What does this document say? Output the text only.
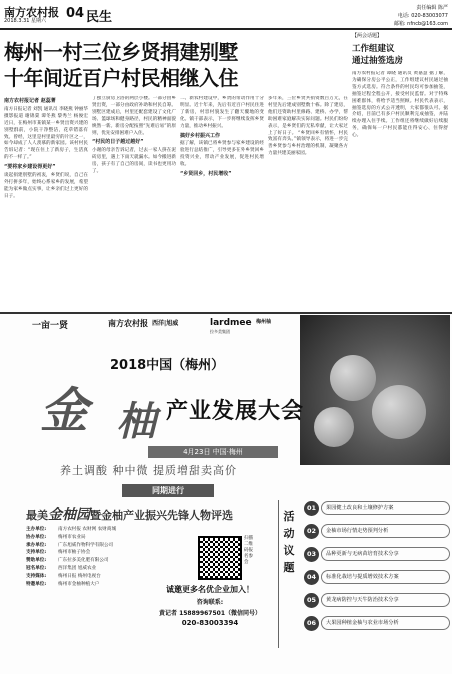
南方农村报
2018.3.31 星期六 04 民生
责任编辑 陈严
电话: 020-83003077
邮箱: nfncb@163.com
梅州一村三位乡贤捐建别墅
十年间近百户村民相继入住
南方农村报记者 赵蕊菁
南方日报记者 刘凯 通讯员 李晓燕 钟丽华 摄影报道 谢锦棠 谭冬燕 黎秀兰 杨俊宏 近日，在梅州市某镇某一乡贤出资兴建的别墅群前，小院干净整洁，花草错落有致。曾经，这里是村里最穷的片区之一，如今却成了人人羡慕的新家园。该村村民告诉记者：“现在住上了新房子，生活真的不一样了。”
“要将家乡建设得更好”
谈起捐建别墅的初衷，乡贤们说，自己在外打拼多年，始终心系家乡的发展，希望能为家乡做点实事，让乡亲们过上更好的日子。
了独立厨房卫浴的两层小楼。一部分由乡贤出资，一部分由政府补助和村民自筹。别墅区建成后，村里还配套建设了文化广场、篮球场和健身路径，村民的精神面貌焕然一新。新房分配按照“先难后易”的原则，优先安排困难户入住。
“村民的日子越过越好”
小谢的母亲告诉记者，过去一家人挤在泥砖房里，遇上下雨天就漏水。如今搬进新房，孩子有了自己的房间，读书也更用功了。
二、新农村建设中，乡贤的带动作用十分明显。近十年来，先后有近百户村民住进了新房，村容村貌发生了翻天覆地的变化。镇干部表示，下一步将继续发挥乡贤力量，推动乡村振兴。
搞好乡村振兴工作
据了解，该镇已将乡贤参与家乡建设的经验进行总结推广，引导更多在外乡贤回乡投资兴业，带动产业发展，促进村民增收。
“乡贤回乡，村民增收”
多年来，三位乡贤共捐资数百万元，在村里先后建成别墅数十栋。除了建房，他们还资助村里修路、建桥、办学，帮助困难家庭解决实际问题。村民们纷纷表示，是乡贤们的无私奉献，让大家过上了好日子。 “乡贤回乡有情怀，村民致富有奔头。”镇领导表示，将进一步完善乡贤参与乡村治理的机制，凝聚各方力量共建美丽家园。
【两会话题】
工作组建议
通过抽签选房
南方农村报记者 谭晓 通讯员 黄嘉慧 据了解，为确保分房公平公正，工作组建议村民通过抽签方式选房。符合条件的村民均可参加抽签，抽签过程全程公开，接受村民监督。对于特殊困难群体，将给予适当照顾。村民代表表示，抽签选房的方式公开透明，大家都很认可。据介绍，目前已有多户村民顺利完成抽签，并陆续办理入住手续。工作组还将继续做好后续服务，确保每一户村民都能住得安心、住得舒心。
一亩一贤	南方农村报 西洋|旭威	lardmee
拉多美集团
梅州柚
2018中国（梅州）
金 柚 产业发展大会
4月23日 中国·梅州
养土调酸 种中微 提质增甜卖高价
同期进行
最美金柚园暨金柚产业振兴先锋人物评选
主办单位:	南方农村报 农财网 农财商城
协办单位:	梅州市农业局
承办单位:	广东旭威作物科学有限公司
支持单位:	梅州市柚子协会
赞助单位:	广东拉多美化肥有限公司
冠名单位:	西洋集团 旭威农业
支持媒体:	梅州日报 梅州电视台
特邀单位:	梅州市金柚种植大户
扫描二维码报名参会
诚邀更多名优企业加入！
咨询联系:
黄记者 15889967501（微信同号）
020-83003394
活动议题
01	果园健土改良和土壤修护方案
02	金柚市场行情走势预判分析
03	品种更新与无病苗培育技术分享
04	标准化栽培与提质增效技术方案
05	黄龙病防控与天牛防治技术分享
06	大果园种植金柚与农业市场分析
